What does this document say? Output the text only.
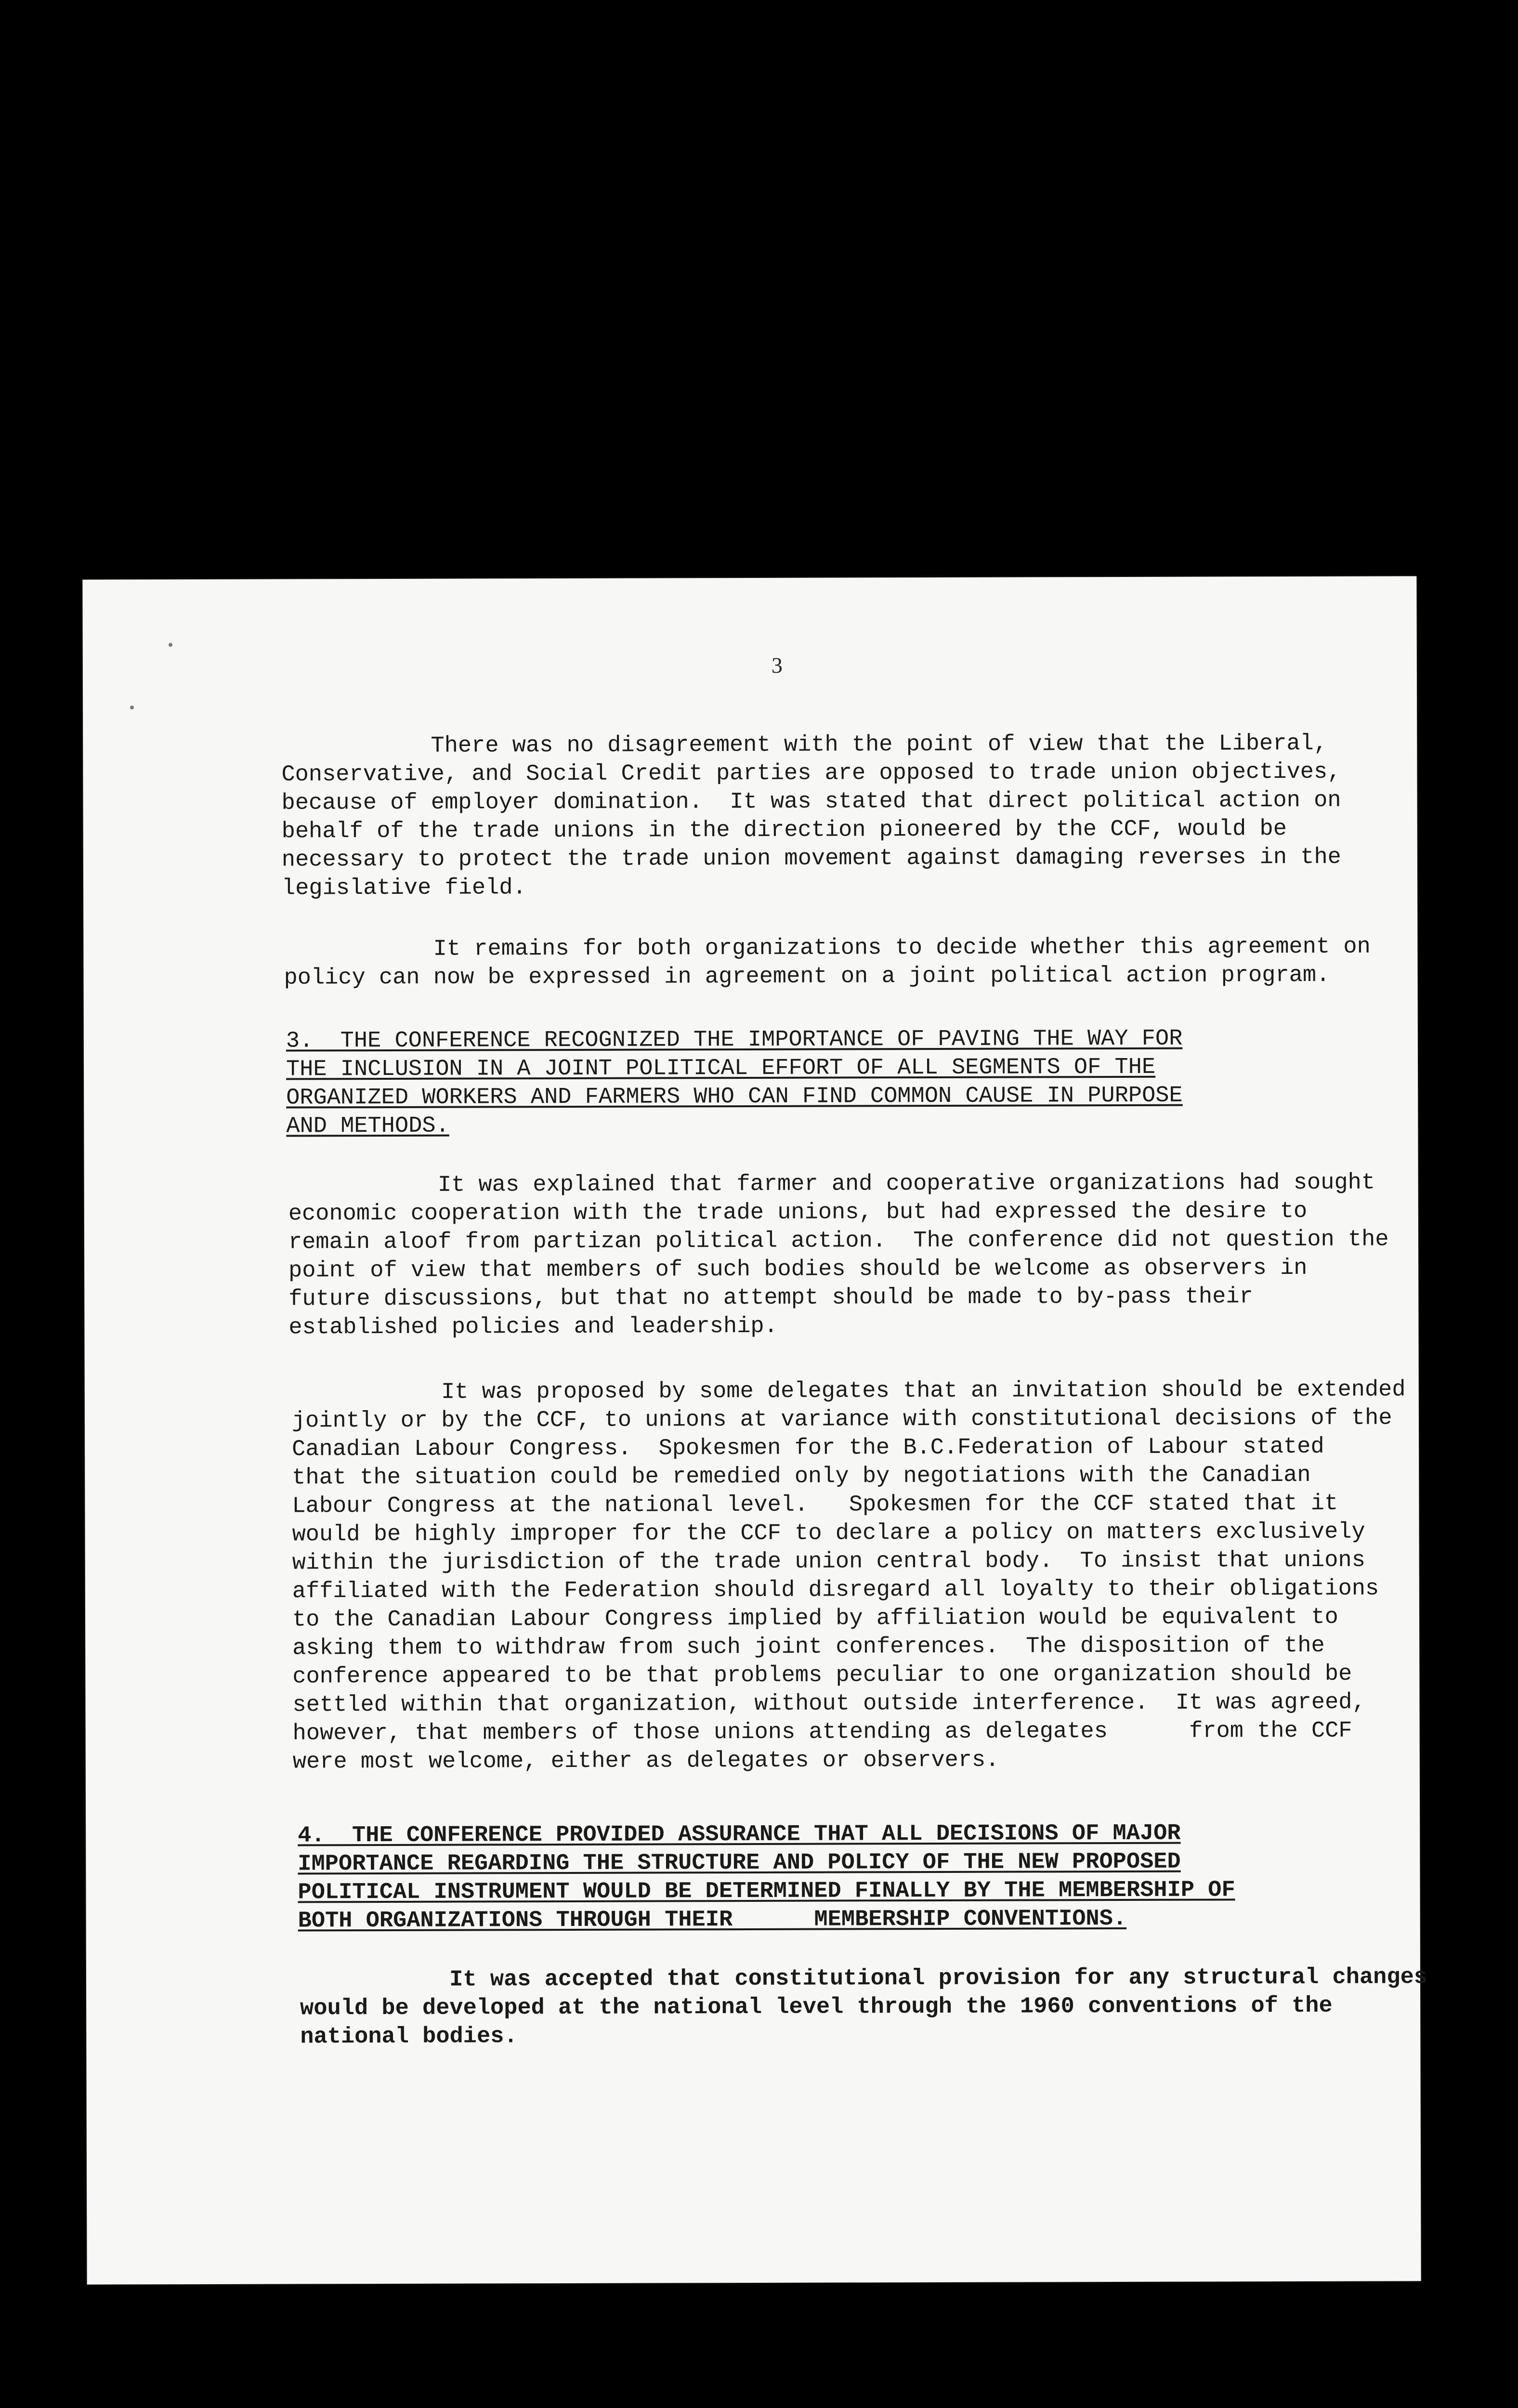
3
There was no disagreement with the point of view that the Liberal,
Conservative, and Social Credit parties are opposed to trade union objectives,
because of employer domination.  It was stated that direct political action on
behalf of the trade unions in the direction pioneered by the CCF, would be
necessary to protect the trade union movement against damaging reverses in the
legislative field.
It remains for both organizations to decide whether this agreement on
policy can now be expressed in agreement on a joint political action program.
3.  THE CONFERENCE RECOGNIZED THE IMPORTANCE OF PAVING THE WAY FOR
THE INCLUSION IN A JOINT POLITICAL EFFORT OF ALL SEGMENTS OF THE
ORGANIZED WORKERS AND FARMERS WHO CAN FIND COMMON CAUSE IN PURPOSE
AND METHODS.
It was explained that farmer and cooperative organizations had sought
economic cooperation with the trade unions, but had expressed the desire to
remain aloof from partizan political action.  The conference did not question the
point of view that members of such bodies should be welcome as observers in
future discussions, but that no attempt should be made to by-pass their
established policies and leadership.
It was proposed by some delegates that an invitation should be extended
jointly or by the CCF, to unions at variance with constitutional decisions of the
Canadian Labour Congress.  Spokesmen for the B.C.Federation of Labour stated
that the situation could be remedied only by negotiations with the Canadian
Labour Congress at the national level.   Spokesmen for the CCF stated that it
would be highly improper for the CCF to declare a policy on matters exclusively
within the jurisdiction of the trade union central body.  To insist that unions
affiliated with the Federation should disregard all loyalty to their obligations
to the Canadian Labour Congress implied by affiliation would be equivalent to
asking them to withdraw from such joint conferences.  The disposition of the
conference appeared to be that problems peculiar to one organization should be
settled within that organization, without outside interference.  It was agreed,
however, that members of those unions attending as delegates      from the CCF
were most welcome, either as delegates or observers.
4.  THE CONFERENCE PROVIDED ASSURANCE THAT ALL DECISIONS OF MAJOR
IMPORTANCE REGARDING THE STRUCTURE AND POLICY OF THE NEW PROPOSED
POLITICAL INSTRUMENT WOULD BE DETERMINED FINALLY BY THE MEMBERSHIP OF
BOTH ORGANIZATIONS THROUGH THEIR      MEMBERSHIP CONVENTIONS.
It was accepted that constitutional provision for any structural changes
would be developed at the national level through the 1960 conventions of the
national bodies.
